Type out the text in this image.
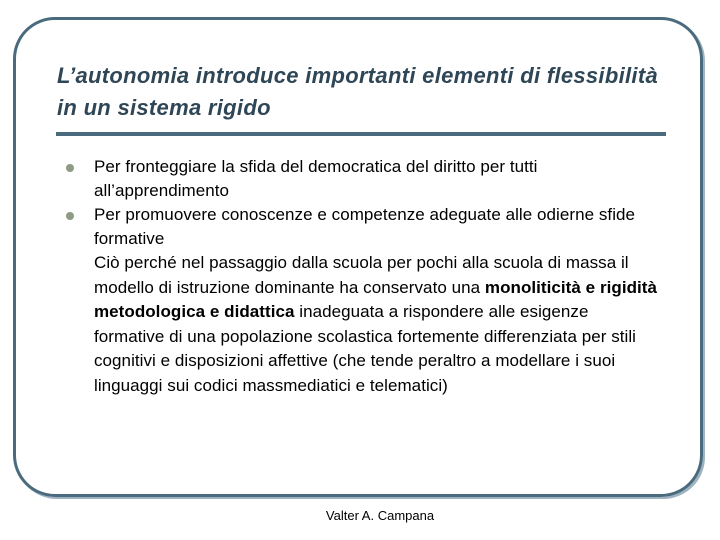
L’autonomia introduce importanti elementi di flessibilità in un sistema rigido
Per fronteggiare la sfida del democratica del diritto per tutti all’apprendimento
Per promuovere conoscenze e competenze adeguate alle odierne sfide formative
Ciò perché nel passaggio dalla scuola per pochi alla scuola di massa il modello di istruzione dominante ha conservato una monoliticità e rigidità metodologica e didattica inadeguata a rispondere alle esigenze formative di una popolazione scolastica fortemente differenziata per stili cognitivi e disposizioni affettive (che tende peraltro a modellare i suoi linguaggi sui codici massmediatici e telematici)
Valter A. Campana
